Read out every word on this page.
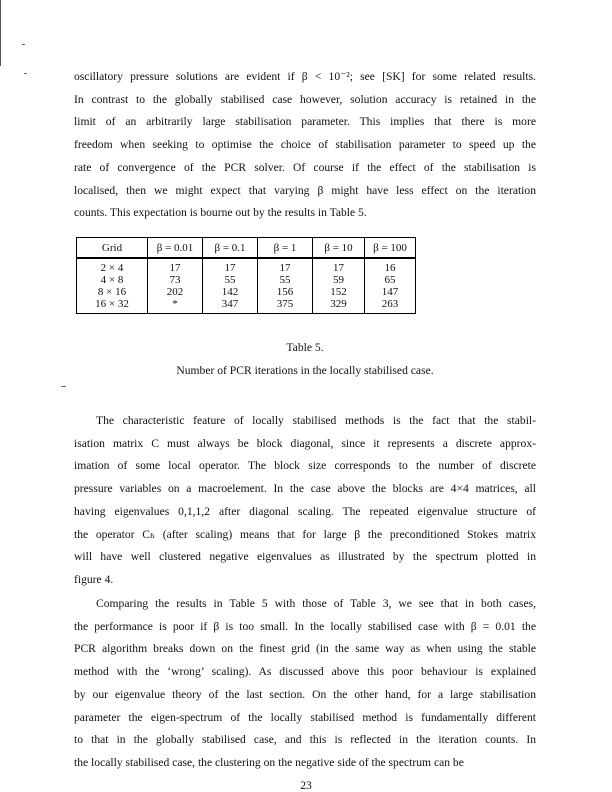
oscillatory pressure solutions are evident if β < 10⁻²; see [SK] for some related results.
In contrast to the globally stabilised case however, solution accuracy is retained in the
limit of an arbitrarily large stabilisation parameter. This implies that there is more
freedom when seeking to optimise the choice of stabilisation parameter to speed up the
rate of convergence of the PCR solver. Of course if the effect of the stabilisation is
localised, then we might expect that varying β might have less effect on the iteration
counts. This expectation is bourne out by the results in Table 5.
Grid	β = 0.01	β = 0.1	β = 1	β = 10	β = 100
2 × 4	17	17	17	17	16
4 × 8	73	55	55	59	65
8 × 16	202	142	156	152	147
16 × 32	*	347	375	329	263
Table 5.
Number of PCR iterations in the locally stabilised case.
The characteristic feature of locally stabilised methods is the fact that the stabil-
isation matrix C must always be block diagonal, since it represents a discrete approx-
imation of some local operator. The block size corresponds to the number of discrete
pressure variables on a macroelement. In the case above the blocks are 4×4 matrices, all
having eigenvalues 0,1,1,2 after diagonal scaling. The repeated eigenvalue structure of
the operator Cₕ (after scaling) means that for large β the preconditioned Stokes matrix
will have well clustered negative eigenvalues as illustrated by the spectrum plotted in
figure 4.
Comparing the results in Table 5 with those of Table 3, we see that in both cases,
the performance is poor if β is too small. In the locally stabilised case with β = 0.01 the
PCR algorithm breaks down on the finest grid (in the same way as when using the stable
method with the ‘wrong’ scaling). As discussed above this poor behaviour is explained
by our eigenvalue theory of the last section. On the other hand, for a large stabilisation
parameter the eigen-spectrum of the locally stabilised method is fundamentally different
to that in the globally stabilised case, and this is reflected in the iteration counts. In
the locally stabilised case, the clustering on the negative side of the spectrum can be
23
